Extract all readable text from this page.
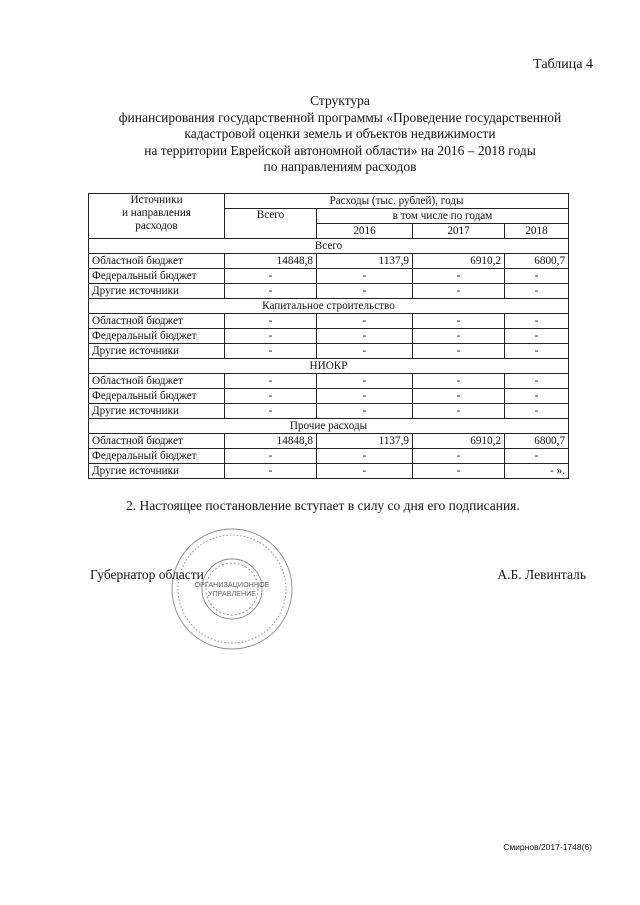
Таблица 4
Структура
финансирования государственной программы «Проведение государственной
кадастровой оценки земель и объектов недвижимости
на территории Еврейской автономной области» на 2016 – 2018 годы
по направлениям расходов
Источники
и направления
расходов	Расходы (тыс. рублей), годы			
	Всего	в том числе по годам		
		2016	2017	2018
Всего				
Областной бюджет	14848,8	1137,9	6910,2	6800,7
Федеральный бюджет	-	-	-	-
Другие источники	-	-	-	-
Капитальное строительство				
Областной бюджет	-	-	-	-
Федеральный бюджет	-	-	-	-
Другие источники	-	-	-	-
НИОКР				
Областной бюджет	-	-	-	-
Федеральный бюджет	-	-	-	-
Другие источники	-	-	-	-
Прочие расходы				
Областной бюджет	14848,8	1137,9	6910,2	6800,7
Федеральный бюджет	-	-	-	-
Другие источники	-	-	-	- ».
2. Настоящее постановление вступает в силу со дня его подписания.
ОРГАНИЗАЦИОННОЕ
УПРАВЛЕНИЕ
Губернатор области	А.Б. Левинталь
Смирнов/2017-1748(6)
